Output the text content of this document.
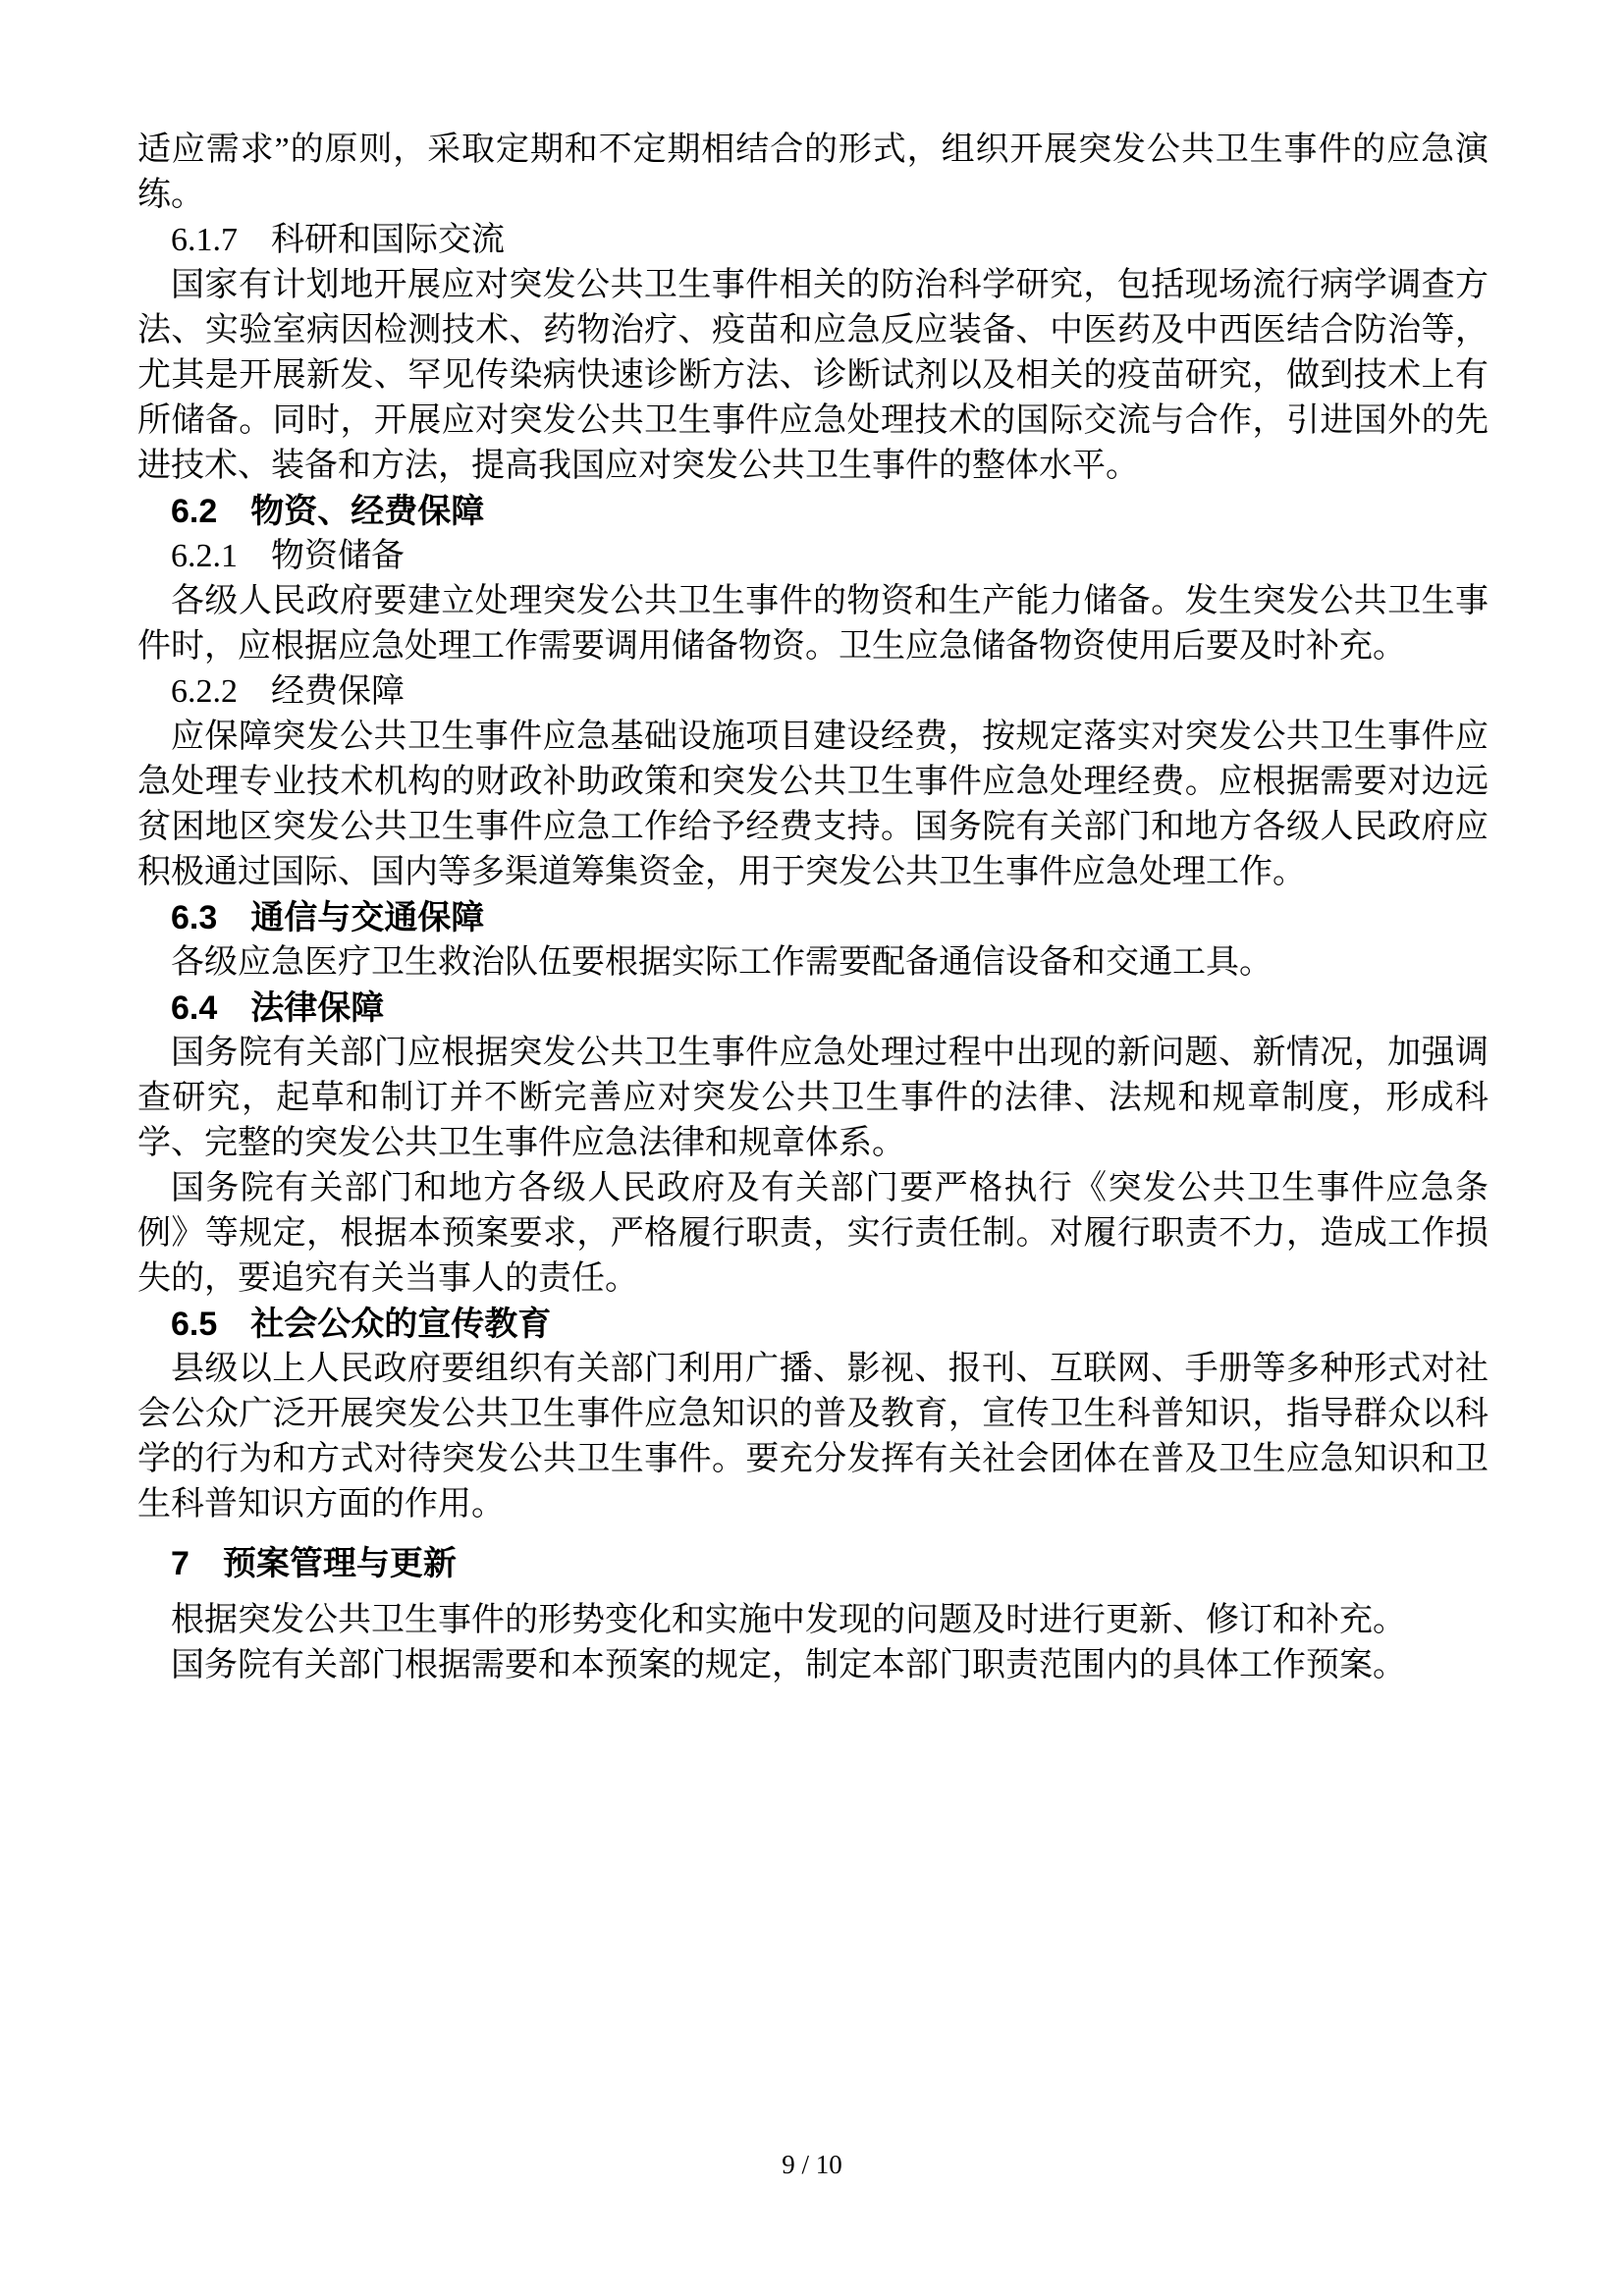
适应需求”的原则，采取定期和不定期相结合的形式，组织开展突发公共卫生事件的应急演练。

6.1.7　科研和国际交流

国家有计划地开展应对突发公共卫生事件相关的防治科学研究，包括现场流行病学调查方法、实验室病因检测技术、药物治疗、疫苗和应急反应装备、中医药及中西医结合防治等，尤其是开展新发、罕见传染病快速诊断方法、诊断试剂以及相关的疫苗研究，做到技术上有所储备。同时，开展应对突发公共卫生事件应急处理技术的国际交流与合作，引进国外的先进技术、装备和方法，提高我国应对突发公共卫生事件的整体水平。

6.2　物资、经费保障

6.2.1　物资储备

各级人民政府要建立处理突发公共卫生事件的物资和生产能力储备。发生突发公共卫生事件时，应根据应急处理工作需要调用储备物资。卫生应急储备物资使用后要及时补充。

6.2.2　经费保障

应保障突发公共卫生事件应急基础设施项目建设经费，按规定落实对突发公共卫生事件应急处理专业技术机构的财政补助政策和突发公共卫生事件应急处理经费。应根据需要对边远贫困地区突发公共卫生事件应急工作给予经费支持。国务院有关部门和地方各级人民政府应积极通过国际、国内等多渠道筹集资金，用于突发公共卫生事件应急处理工作。

6.3　通信与交通保障

各级应急医疗卫生救治队伍要根据实际工作需要配备通信设备和交通工具。

6.4　法律保障

国务院有关部门应根据突发公共卫生事件应急处理过程中出现的新问题、新情况，加强调查研究，起草和制订并不断完善应对突发公共卫生事件的法律、法规和规章制度，形成科学、完整的突发公共卫生事件应急法律和规章体系。

国务院有关部门和地方各级人民政府及有关部门要严格执行《突发公共卫生事件应急条例》等规定，根据本预案要求，严格履行职责，实行责任制。对履行职责不力，造成工作损失的，要追究有关当事人的责任。

6.5　社会公众的宣传教育

县级以上人民政府要组织有关部门利用广播、影视、报刊、互联网、手册等多种形式对社会公众广泛开展突发公共卫生事件应急知识的普及教育，宣传卫生科普知识，指导群众以科学的行为和方式对待突发公共卫生事件。要充分发挥有关社会团体在普及卫生应急知识和卫生科普知识方面的作用。

7　预案管理与更新

根据突发公共卫生事件的形势变化和实施中发现的问题及时进行更新、修订和补充。

国务院有关部门根据需要和本预案的规定，制定本部门职责范围内的具体工作预案。

9 / 10
